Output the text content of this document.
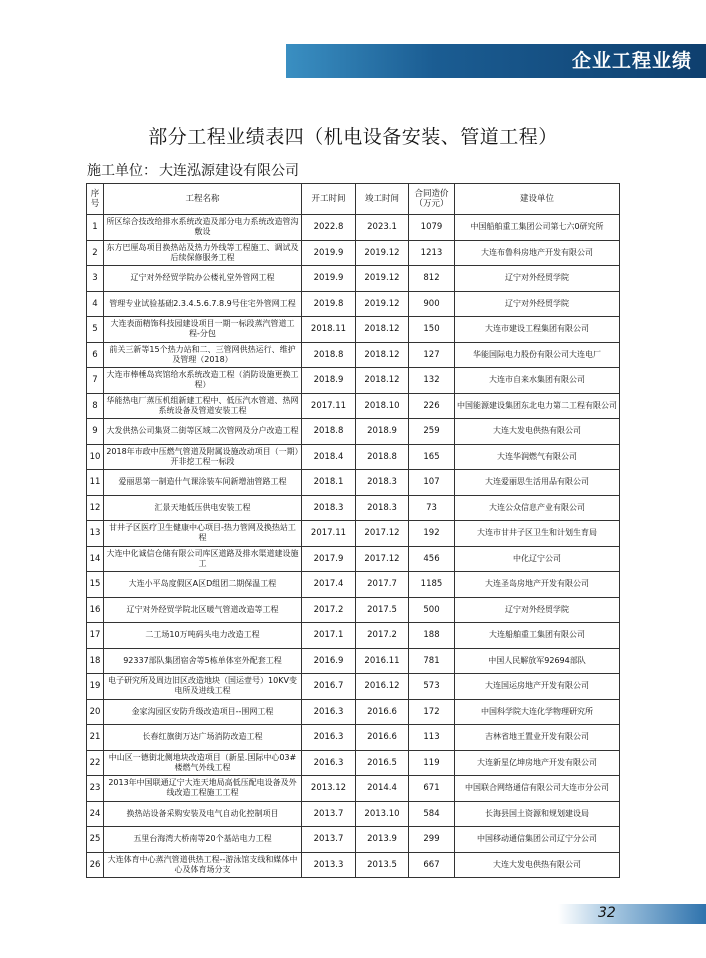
企业工程业绩
部分工程业绩表四（机电设备安装、管道工程）
施工单位： 大连泓源建设有限公司
序号	工程名称	开工时间	竣工时间	合同造价（万元）	建设单位
1	所区综合技改给排水系统改造及部分电力系统改造管沟敷设	2022.8	2023.1	1079	中国船舶重工集团公司第七六0研究所
2	东方巴厘岛项目换热站及热力外线等工程施工、调试及后续保修服务工程	2019.9	2019.12	1213	大连布鲁科房地产开发有限公司
3	辽宁对外经贸学院办公楼礼堂外管网工程	2019.9	2019.12	812	辽宁对外经贸学院
4	管理专业试验基础2.3.4.5.6.7.8.9号住宅外管网工程	2019.8	2019.12	900	辽宁对外经贸学院
5	大连表面精饰科技园建设项目一期一标段蒸汽管道工程-分包	2018.11	2018.12	150	大连市建设工程集团有限公司
6	前关三新等15个热力站和二、三管网供热运行、维护及管理（2018）	2018.8	2018.12	127	华能国际电力股份有限公司大连电厂
7	大连市棒棰岛宾馆给水系统改造工程（消防设施更换工程）	2018.9	2018.12	132	大连市自来水集团有限公司
8	华能热电厂蒸压机组新建工程中、低压汽水管道、热网系统设备及管道安装工程	2017.11	2018.10	226	中国能源建设集团东北电力第二工程有限公司
9	大发供热公司集贤二街等区域二次管网及分户改造工程	2018.8	2018.9	259	大连大发电供热有限公司
10	2018年市政中压燃气管道及附属设施改动项目（一期）开非挖工程一标段	2018.4	2018.8	165	大连华润燃气有限公司
11	爱丽思第一制造什气课涂装车间新增油管路工程	2018.1	2018.3	107	大连爱丽思生活用品有限公司
12	汇景天地低压供电安装工程	2018.3	2018.3	73	大连公众信息产业有限公司
13	甘井子区医疗卫生健康中心项目-热力管网及换热站工程	2017.11	2017.12	192	大连市甘井子区卫生和计划生育局
14	大连中化诚信仓储有限公司库区道路及排水渠道建设施工	2017.9	2017.12	456	中化辽宁公司
15	大连小平岛度假区A区D组团二期保温工程	2017.4	2017.7	1185	大连圣岛房地产开发有限公司
16	辽宁对外经贸学院北区暖气管道改造等工程	2017.2	2017.5	500	辽宁对外经贸学院
17	二工场10万吨码头电力改造工程	2017.1	2017.2	188	大连船舶重工集团有限公司
18	92337部队集团宿舍等5栋单体室外配套工程	2016.9	2016.11	781	中国人民解放军92694部队
19	电子研究所及周边旧区改造地块（国运壹号）10KV变电所及进线工程	2016.7	2016.12	573	大连国运房地产开发有限公司
20	金家沟园区安防升级改造项目--围网工程	2016.3	2016.6	172	中国科学院大连化学物理研究所
21	长春红旗街万达广场消防改造工程	2016.3	2016.6	113	吉林省地王置业开发有限公司
22	中山区一德街北侧地块改造项目（新星.国际中心03#楼燃气外线工程	2016.3	2016.5	119	大连新星亿坤房地产开发有限公司
23	2013年中国联通辽宁大连天地局高低压配电设备及外线改造工程施工工程	2013.12	2014.4	671	中国联合网络通信有限公司大连市分公司
24	换热站设备采购安装及电气自动化控制项目	2013.7	2013.10	584	长海县国土资源和规划建设局
25	五里台海湾大桥南等20个基站电力工程	2013.7	2013.9	299	中国移动通信集团公司辽宁分公司
26	大连体育中心蒸汽管道供热工程--游泳馆支线和媒体中心及体育场分支	2013.3	2013.5	667	大连大发电供热有限公司
32
